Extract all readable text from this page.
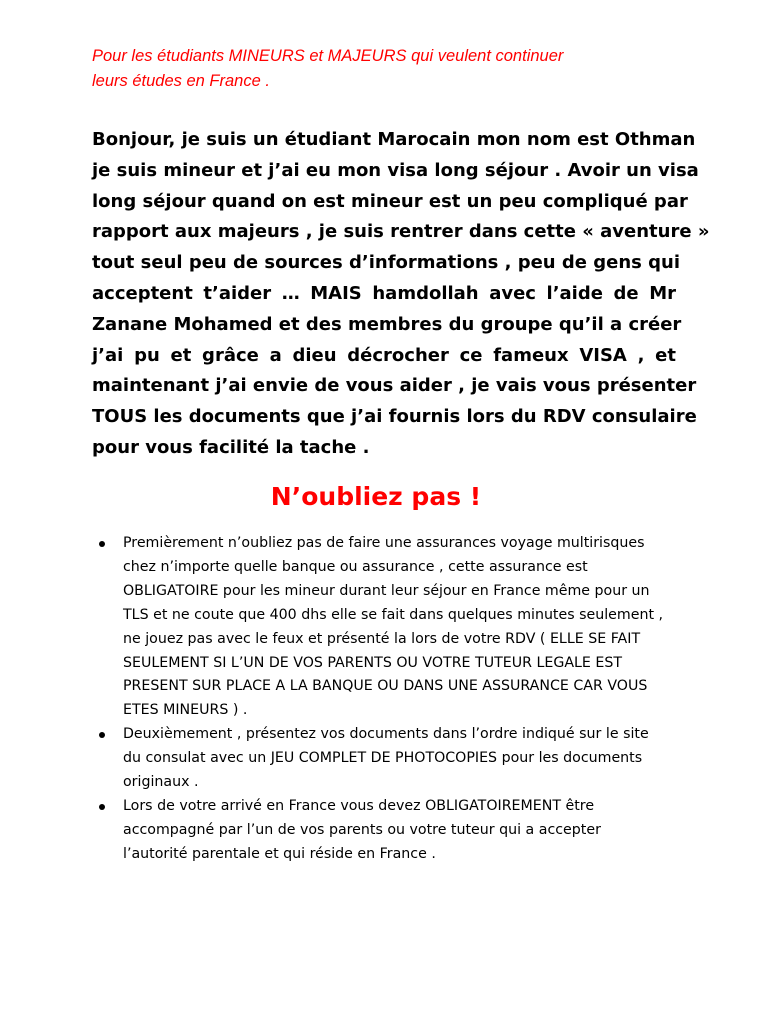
Pour les étudiants MINEURS et MAJEURS qui veulent continuer
leurs études en France .

Bonjour, je suis un étudiant Marocain mon nom est Othman
je suis mineur et j’ai eu mon visa long séjour . Avoir un visa
long séjour quand on est mineur est un peu compliqué par
rapport aux majeurs , je suis rentrer dans cette « aventure »
tout seul peu de sources d’informations , peu de gens qui
acceptent t’aider … MAIS hamdollah avec l’aide de Mr
Zanane Mohamed et des membres du groupe qu’il a créer
j’ai pu et grâce a dieu décrocher ce fameux VISA , et
maintenant j’ai envie de vous aider , je vais vous présenter
TOUS les documents que j’ai fournis lors du RDV consulaire
pour vous facilité la tache .

N’oubliez pas !
Premièrement n’oubliez pas de faire une assurances voyage multirisques
chez n’importe quelle banque ou assurance , cette assurance est
OBLIGATOIRE pour les mineur durant leur séjour en France même pour un
TLS et ne coute que 400 dhs elle se fait dans quelques minutes seulement ,
ne jouez pas avec le feux et présenté la lors de votre RDV ( ELLE SE FAIT
SEULEMENT SI L’UN DE VOS PARENTS OU VOTRE TUTEUR LEGALE EST
PRESENT SUR PLACE A LA BANQUE OU DANS UNE ASSURANCE CAR VOUS
ETES MINEURS ) .
Deuxièmement , présentez vos documents dans l’ordre indiqué sur le site
du consulat avec un JEU COMPLET DE PHOTOCOPIES pour les documents
originaux .
Lors de votre arrivé en France vous devez OBLIGATOIREMENT être
accompagné par l’un de vos parents ou votre tuteur qui a accepter
l’autorité parentale et qui réside en France .
